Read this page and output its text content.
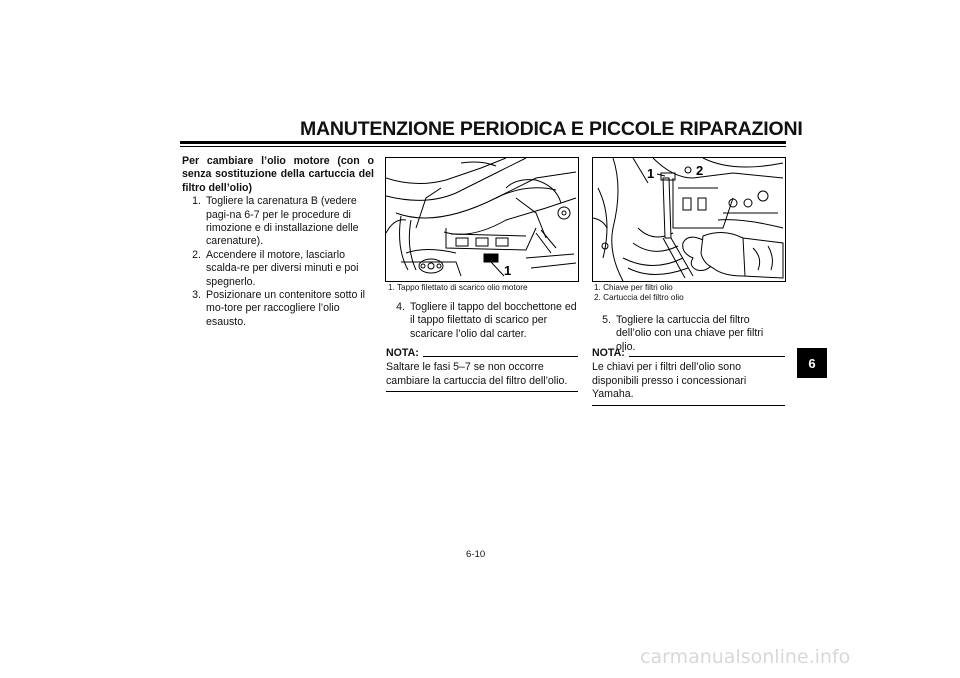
MANUTENZIONE PERIODICA E PICCOLE RIPARAZIONI
6
Per cambiare l’olio motore (con o senza sostituzione della cartuccia del filtro dell’olio)
1. Togliere la carenatura B (vedere pagi-na 6-7 per le procedure di rimozione e di installazione delle carenature).
2. Accendere il motore, lasciarlo scalda-re per diversi minuti e poi spegnerlo.
3. Posizionare un contenitore sotto il mo-tore per raccogliere l’olio esausto.
1
1. Tappo filettato di scarico olio motore
1	2
1. Chiave per filtri olio
2. Cartuccia del filtro olio
4. Togliere il tappo del bocchettone ed il tappo filettato di scarico per scaricare l’olio dal carter.
5. Togliere la cartuccia del filtro dell’olio con una chiave per filtri olio.
NOTA:
Saltare le fasi 5–7 se non occorre cambiare la cartuccia del filtro dell’olio.
NOTA:
Le chiavi per i filtri dell’olio sono disponibili presso i concessionari Yamaha.
6-10
carmanualsonline.info
